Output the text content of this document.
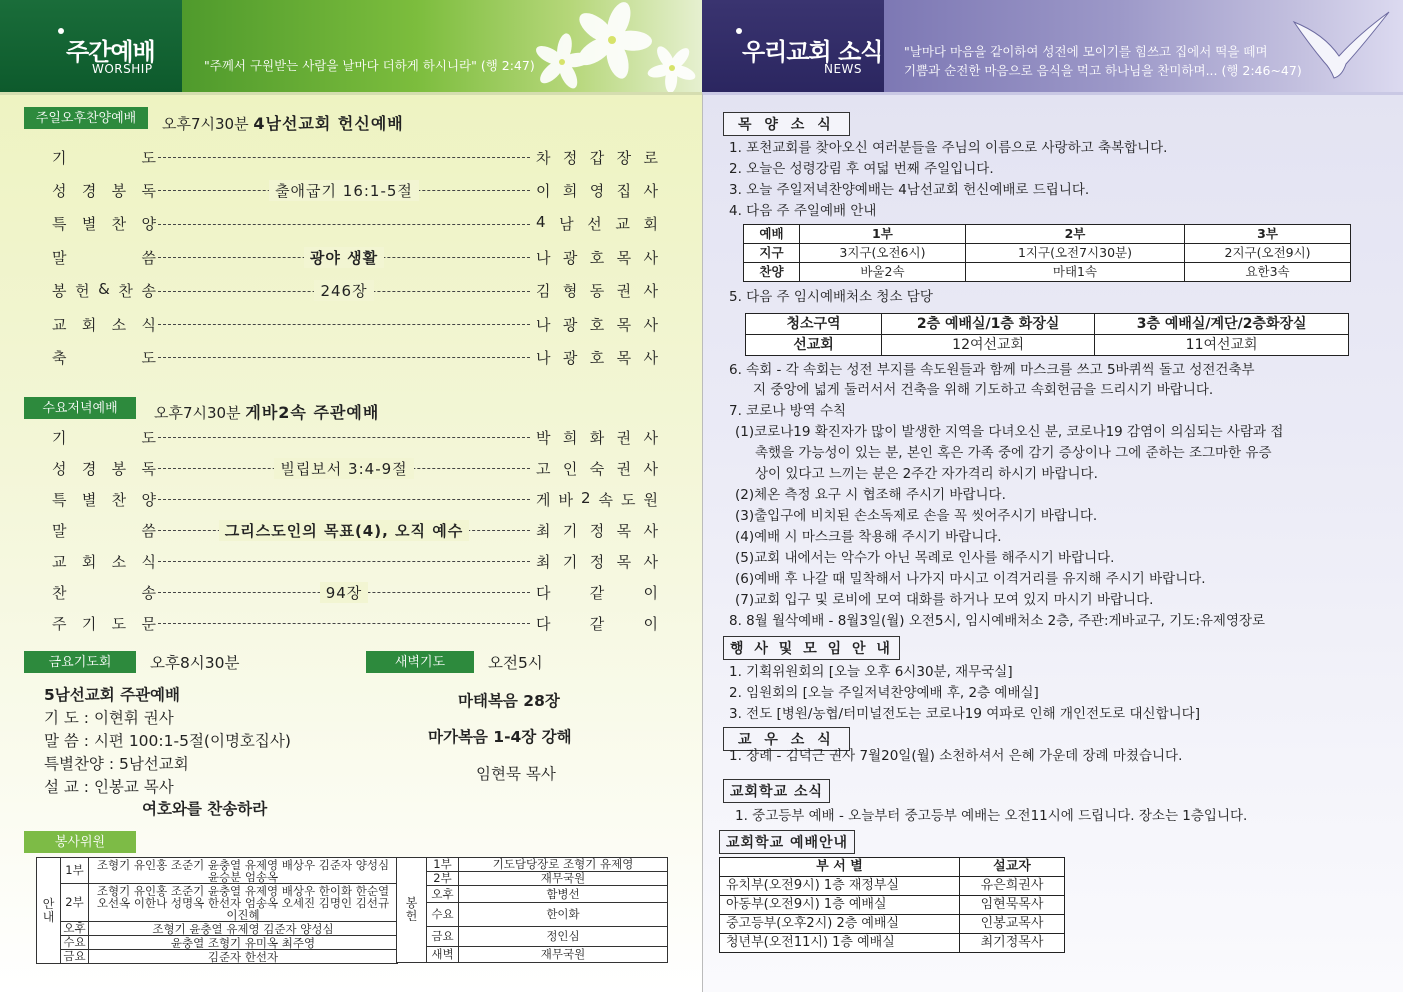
주간예배
WORSHIP	"주께서 구원받는 사람을 날마다 더하게 하시니라" (행 2:47)	우리교회 소식
NEWS
"날마다 마음을 같이하여 성전에 모이기를 힘쓰고 집에서 떡을 떼며
기쁨과 순전한 마음으로 음식을 먹고 하나님을 찬미하며... (행 2:46~47)
주일오후찬양예배	오후7시30분 4남선교회 헌신예배
기	도	차 정 갑 장 로
성 경 봉 독	출애굽기 16:1-5절	이 희 영 집 사
특 별 찬 양	4 남 선 교 회
말	씀	광야 생활	나 광 호 목 사
봉 헌 & 찬 송	246장	김 형 동 권 사
교 회 소 식	나 광 호 목 사
축	도	나 광 호 목 사
수요저녁예배	오후7시30분 게바2속 주관예배
기	도	박 희 화 권 사
성 경 봉 독	빌립보서 3:4-9절	고 인 숙 권 사
특 별 찬 양	게 바 2 속 도 원
말	씀	그리스도인의 목표(4), 오직 예수	최 기 정 목 사
교 회 소 식	최 기 정 목 사
찬	송	94장	다	같	이
주 기 도 문	다	같	이
금요기도회	오후8시30분
5남선교회 주관예배
기 도 : 이현휘 권사
말 씀 : 시편 100:1-5절(이명호집사)
특별찬양 : 5남선교회
설 교 : 인봉교 목사
여호와를 찬송하라
새벽기도	오전5시
마태복음 28장
마가복음 1-4장 강해
임현묵 목사
봉사위원
안 내	1부	조형기 유인홍 조준기 윤충열 유제영 배상우 김준자 양성심 윤승분 엄송옥
	2부	조형기 유인홍 조준기 윤충열 유제영 배상우 한이화 한순열 오선옥 이한나 성명옥 한선자 엄송옥 오세진 김명인 김선규 이진혜
	오후	조형기 윤충열 유제영 김준자 양성심
	수요	윤충열 조형기 유미옥 최주영
	금요	김준자 한선자
봉 헌	1부	기도담당장로 조형기 유제영
	2부	재무국원
	오후	함병선
	수요	한이화
	금요	정인심
	새벽	재무국원
목 양 소 식
1. 포천교회를 찾아오신 여러분들을 주님의 이름으로 사랑하고 축복합니다.
2. 오늘은 성령강림 후 여덟 번째 주일입니다.
3. 오늘 주일저녁찬양예배는 4남선교회 헌신예배로 드립니다.
4. 다음 주 주일예배 안내
예배	1부	2부	3부
지구	3지구(오전6시)	1지구(오전7시30분)	2지구(오전9시)
찬양	바울2속	마태1속	요한3속
5. 다음 주 임시예배처소 청소 담당
청소구역	2층 예배실/1층 화장실	3층 예배실/계단/2층화장실
선교회	12여선교회	11여선교회
6. 속회 - 각 속회는 성전 부지를 속도원들과 함께 마스크를 쓰고 5바퀴씩 돌고 성전건축부
지 중앙에 넓게 둘러서서 건축을 위해 기도하고 속회헌금을 드리시기 바랍니다.
7. 코로나 방역 수칙
(1)코로나19 확진자가 많이 발생한 지역을 다녀오신 분, 코로나19 감염이 의심되는 사람과 접
촉했을 가능성이 있는 분, 본인 혹은 가족 중에 감기 증상이나 그에 준하는 조그마한 유증
상이 있다고 느끼는 분은 2주간 자가격리 하시기 바랍니다.
(2)체온 측정 요구 시 협조해 주시기 바랍니다.
(3)출입구에 비치된 손소독제로 손을 꼭 씻어주시기 바랍니다.
(4)예배 시 마스크를 착용해 주시기 바랍니다.
(5)교회 내에서는 악수가 아닌 목례로 인사를 해주시기 바랍니다.
(6)예배 후 나갈 때 밀착해서 나가지 마시고 이격거리를 유지해 주시기 바랍니다.
(7)교회 입구 및 로비에 모여 대화를 하거나 모여 있지 마시기 바랍니다.
8. 8월 월삭예배 - 8월3일(월) 오전5시, 임시예배처소 2층, 주관:게바교구, 기도:유제영장로
행 사 및 모 임 안 내
1. 기획위원회의 [오늘 오후 6시30분, 재무국실]
2. 임원회의 [오늘 주일저녁찬양예배 후, 2층 예배실]
3. 전도 [병원/농협/터미널전도는 코로나19 여파로 인해 개인전도로 대신합니다]
교 우 소 식
1. 장례 - 김덕근 권사 7월20일(월) 소천하셔서 은혜 가운데 장례 마쳤습니다.
교회학교 소식
1. 중고등부 예배 - 오늘부터 중고등부 예배는 오전11시에 드립니다. 장소는 1층입니다.
교회학교 예배안내
부 서 별	설교자
유치부(오전9시) 1층 재정부실	유은희권사
아동부(오전9시) 1층 예배실	임현묵목사
중고등부(오후2시) 2층 예배실	인봉교목사
청년부(오전11시) 1층 예배실	최기정목사
